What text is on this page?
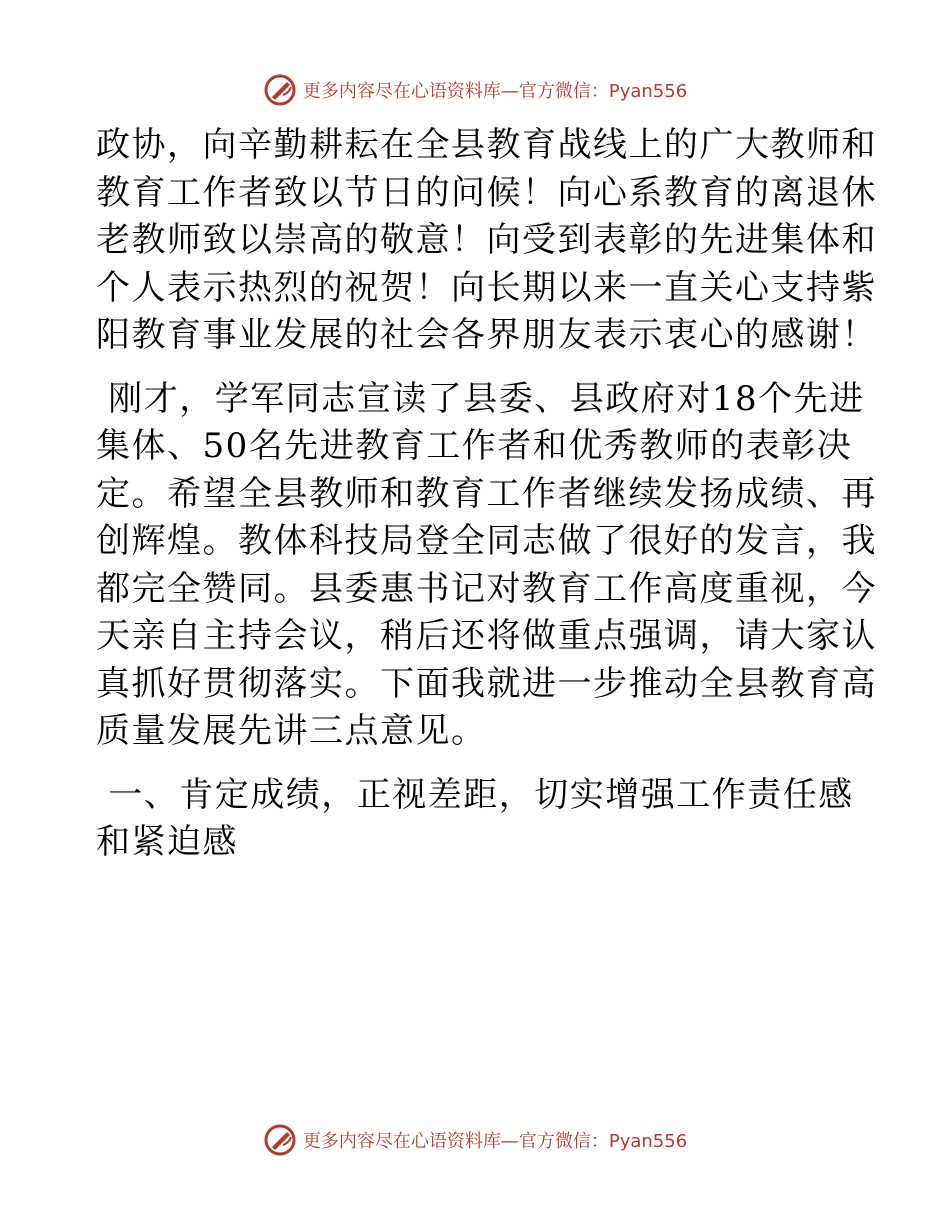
更多内容尽在心语资料库—官方微信：Pyan556

政协，向辛勤耕耘在全县教育战线上的广大教师和
教育工作者致以节日的问候！向心系教育的离退休
老教师致以崇高的敬意！向受到表彰的先进集体和
个人表示热烈的祝贺！向长期以来一直关心支持紫
阳教育事业发展的社会各界朋友表示衷心的感谢！

刚才，学军同志宣读了县委、县政府对18个先进
集体、50名先进教育工作者和优秀教师的表彰决
定。希望全县教师和教育工作者继续发扬成绩、再
创辉煌。教体科技局登全同志做了很好的发言，我
都完全赞同。县委惠书记对教育工作高度重视，今
天亲自主持会议，稍后还将做重点强调，请大家认
真抓好贯彻落实。下面我就进一步推动全县教育高
质量发展先讲三点意见。

一、肯定成绩，正视差距，切实增强工作责任感
和紧迫感

更多内容尽在心语资料库—官方微信：Pyan556
